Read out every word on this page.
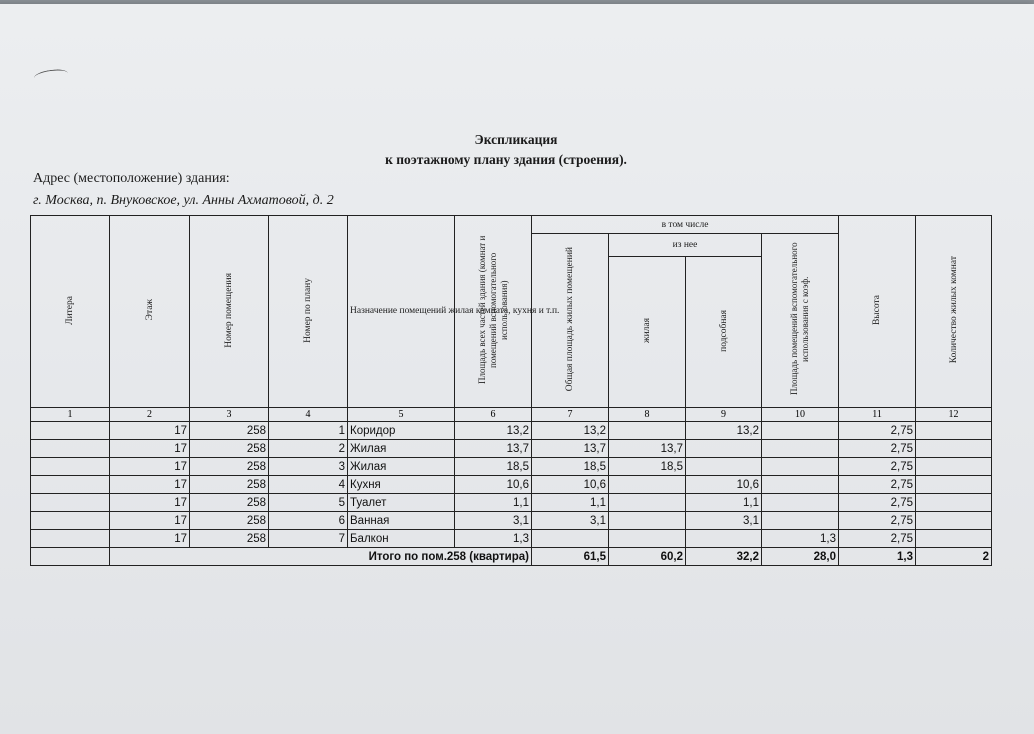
Экспликация
к поэтажному плану здания (строения).
Адрес (местоположение) здания:
г. Москва, п. Внуковское, ул. Анны Ахматовой, д. 2
Литера	Этаж	Номер помещения	Номер по плану	Назначение помещений жилая комната, кухня и т.п.	Площадь всех частей здания (комнат и помещений вспомогательного использования)	в том числе				Высота	Количество жилых комнат
						Общая площадь жилых помещений	из нее		Площадь помещений вспомогательного использования с коэф.		
							жилая	подсобная			
1	2	3	4	5	6	7	8	9	10	11	12
	17	258	1	Коридор	13,2	13,2		13,2		2,75	
	17	258	2	Жилая	13,7	13,7	13,7			2,75	
	17	258	3	Жилая	18,5	18,5	18,5			2,75	
	17	258	4	Кухня	10,6	10,6		10,6		2,75	
	17	258	5	Туалет	1,1	1,1		1,1		2,75	
	17	258	6	Ванная	3,1	3,1		3,1		2,75	
	17	258	7	Балкон	1,3				1,3	2,75	
	Итого по пом.258 (квартира)					61,5	60,2	32,2	28,0	1,3	2
